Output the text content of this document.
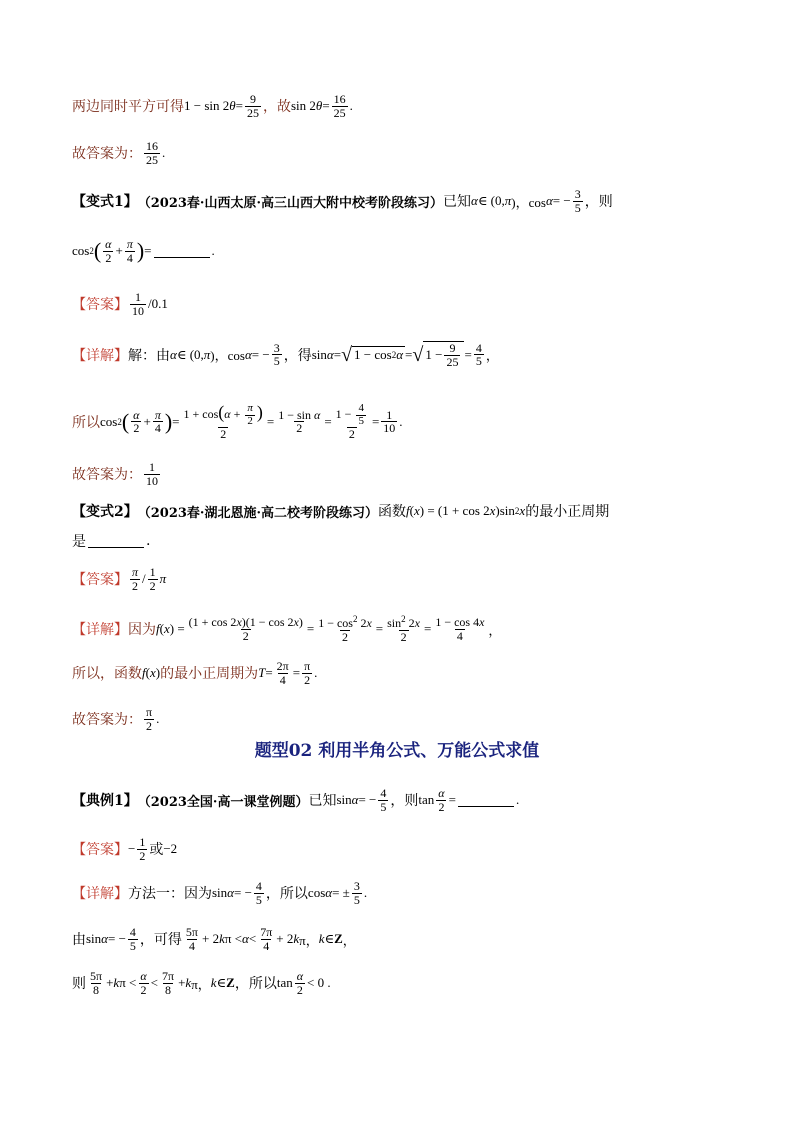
两边同时平方可得 1 − sin 2 $\theta = \frac{9}{25}$ ，故 sin 2 $\theta = \frac{16}{25}$ .
故答案为： $\frac{16}{25}$ .
【变式1】 （2023春·山西太原·高三山西大附中校考阶段练习） 已知 α ∈ (0, π )，cos α = − $\frac{3}{5}$ ，则
cos 2 ( $\frac{\alpha}{2} + \frac{\pi}{4}$ ) =	.
【答案】 $\frac{1}{10} /0.1$
【详解】 解：由 α ∈ (0, π )，cos α = − $\frac{3}{5}$ ，得 sin α = √ 1 − cos 2 α = √ $1 - \frac{9}{25} = \frac{4}{5}$ ，
所以 cos 2 ( $\frac{\alpha}{2} + \frac{\pi}{4}$ ) = $\frac{1 + \cos(\alpha + \frac{\pi}{2} )}{2} = \frac{\text{1 − sin α}}{2} = \frac{1 - \frac{4}{5}}{2} = \frac{1}{10}$ .
故答案为： $\frac{1}{10}$
【变式2】 （2023春·湖北恩施·高二校考阶段练习） 函数 f ( x ) = (1 + cos 2 x )sin 2 x 的最小正周期
是	.
【答案】 $\frac{\pi}{2} / \frac{1}{2}$ π
【详解】 因为 f ( x ) = $\frac{(1 + \cos 2x)(1 - \cos 2x)}{2} = \frac{1 - \cos^2 2x}{2} = \frac{\sin^2 2x}{2} = \frac{1 - \cos 4x}{4}$ ，
所以，函数 f ( x ) 的最小正周期为 $T = \frac{2\pi}{4} = \frac{\pi}{2}$ .
故答案为： $\frac{\pi}{2}$ .
题型02 利用半角公式、万能公式求值
【典例1】 （2023全国·高一课堂例题） 已知 sin α = − $\frac{4}{5}$ ，则 $\tan \frac{\alpha}{2}$ =	.
【答案】 − $\frac{1}{2}$ 或 −2
【详解】 方法一：因为 sin α = − $\frac{4}{5}$ ，所以 cos α = ± $\frac{3}{5}$ .
由 sin α = − $\frac{4}{5}$ ，可得 $\frac{5\pi}{4} + 2$ k $\pi < \alpha < \frac{7\pi}{4} + 2$ k π， k ∈ Z ，
则 $\frac{5\pi}{8} + k$ $\pi < \frac{\alpha}{2} < \frac{7\pi}{8} + k$ π， k ∈ Z ，所以 $\tan \frac{\alpha}{2} < 0$ .
